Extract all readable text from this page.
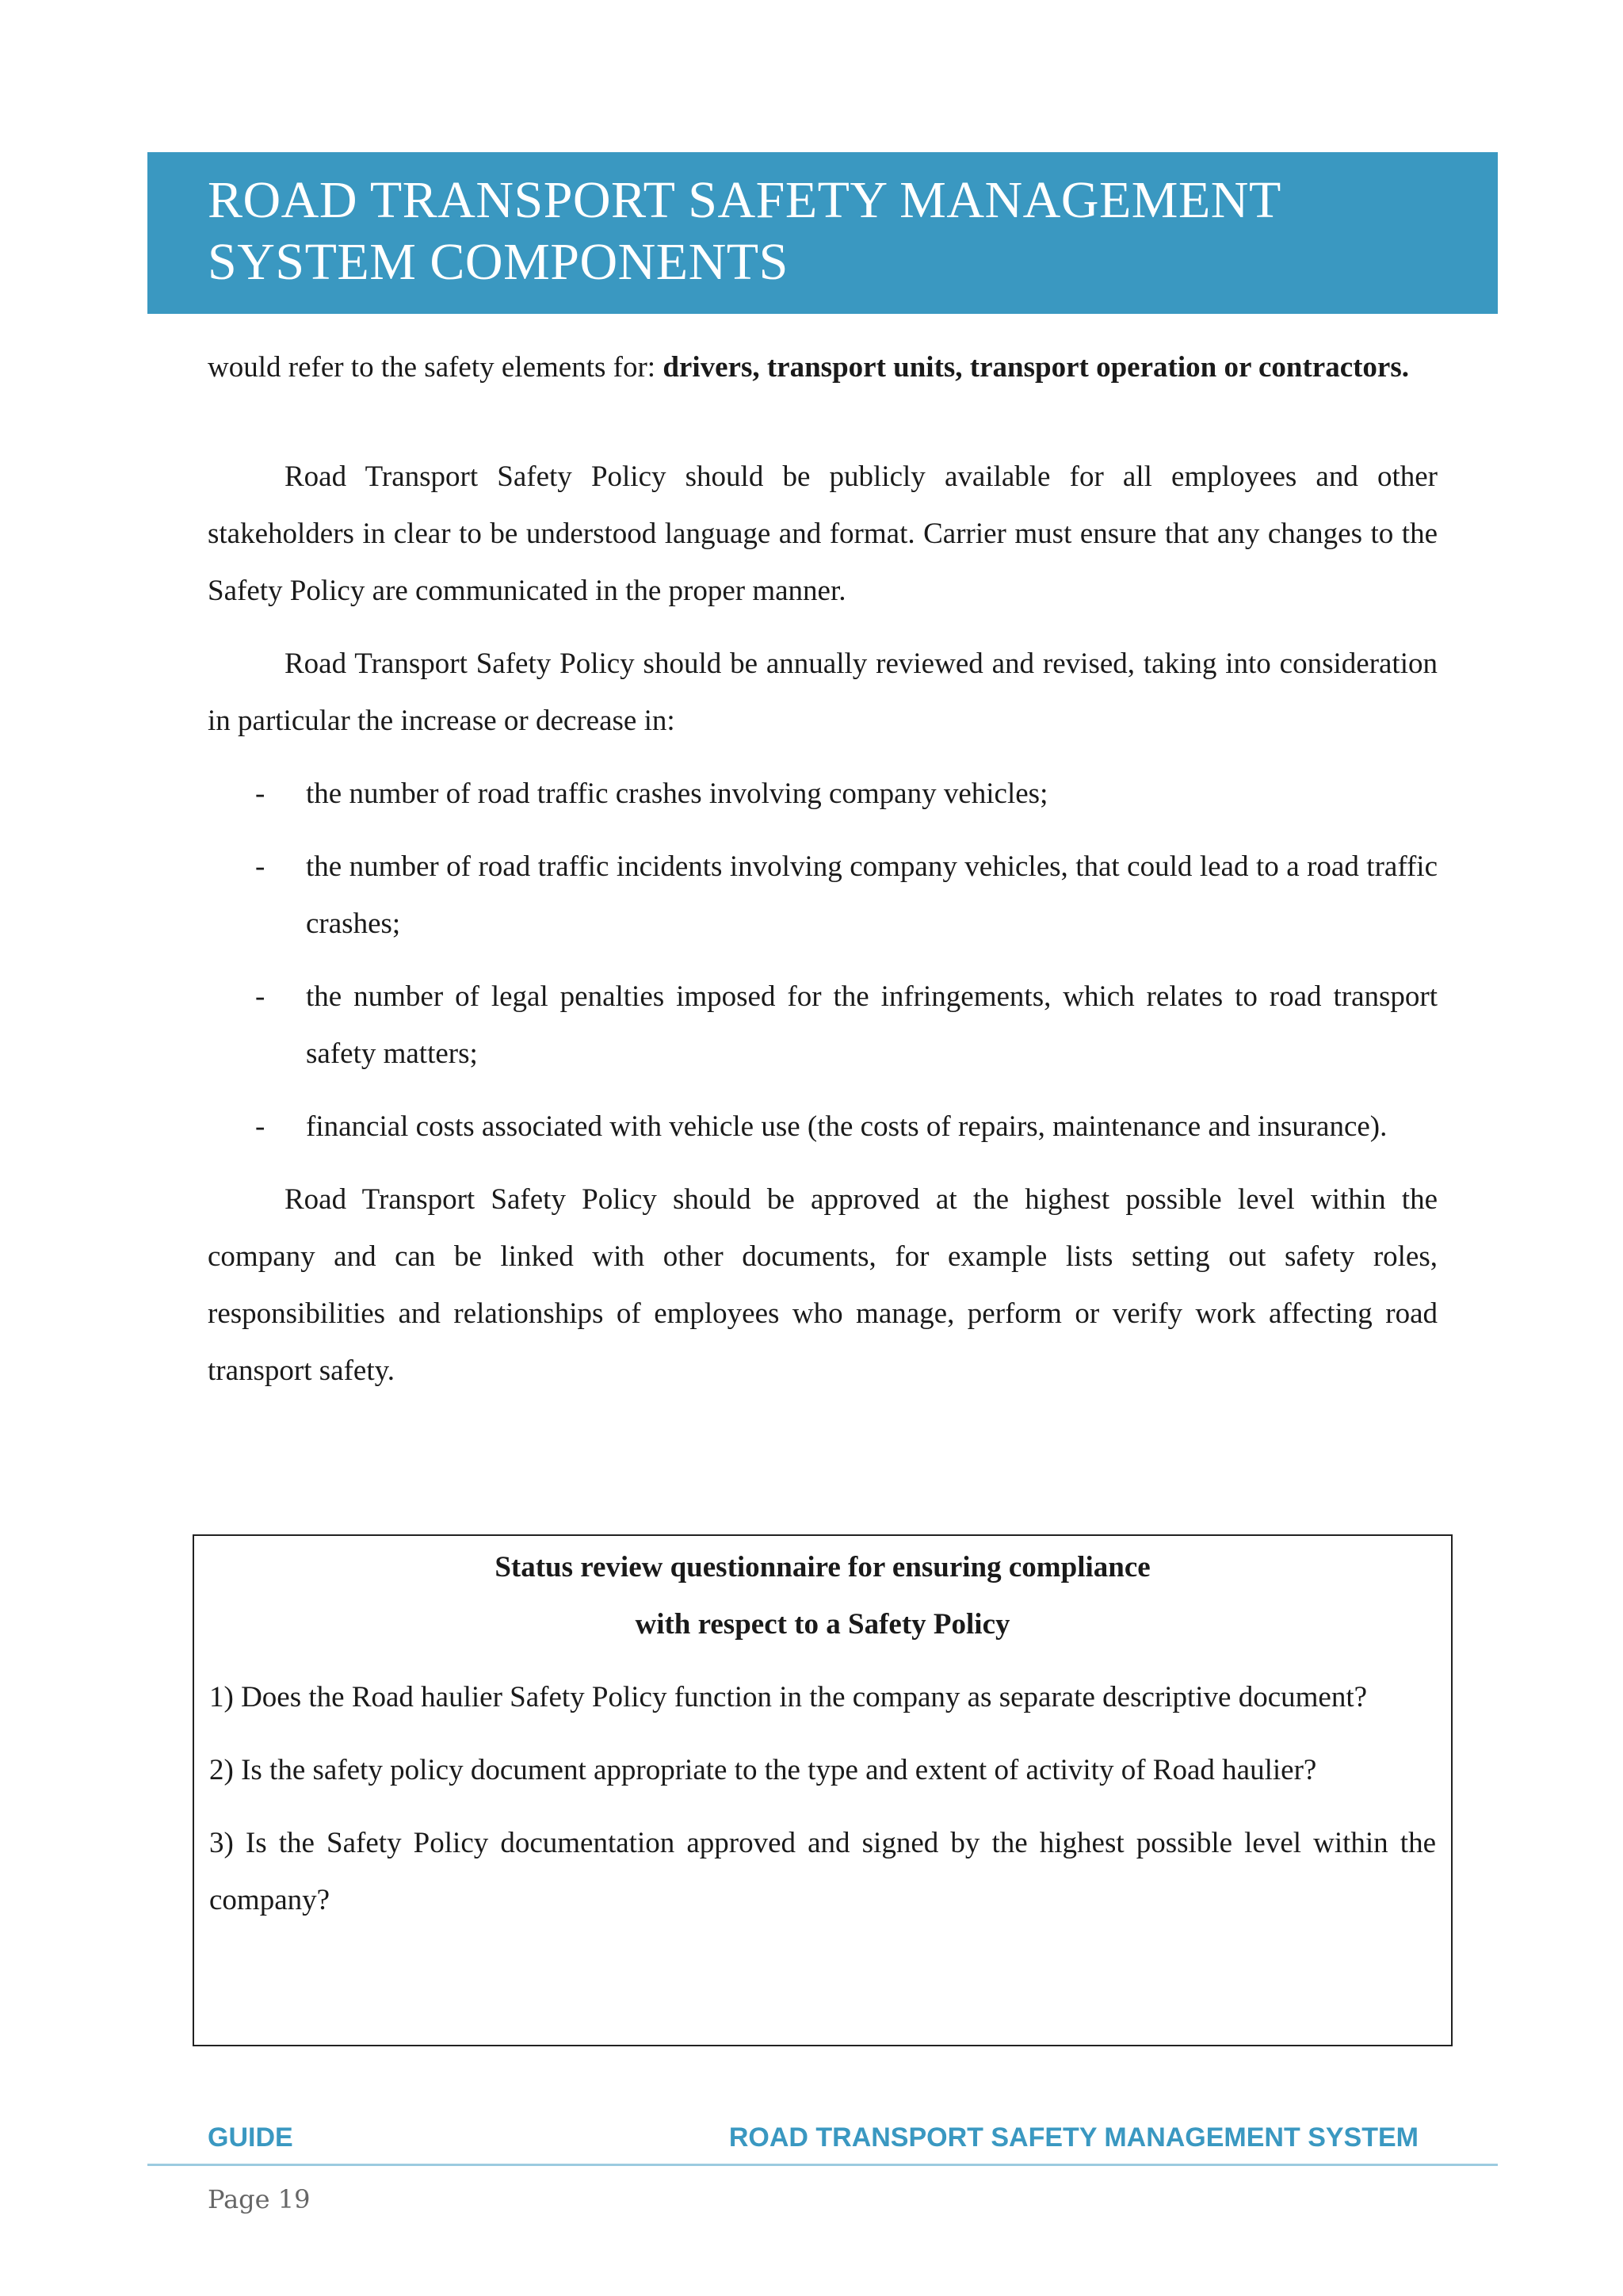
ROAD TRANSPORT SAFETY MANAGEMENT
SYSTEM COMPONENTS

would refer to the safety elements for: drivers, transport units, transport operation or contractors.

Road Transport Safety Policy should be publicly available for all employees and other stakeholders in clear to be understood language and format. Carrier must ensure that any changes to the Safety Policy are communicated in the proper manner.

Road Transport Safety Policy should be annually reviewed and revised, taking into consideration in particular the increase or decrease in:

- the number of road traffic crashes involving company vehicles;
- the number of road traffic incidents involving company vehicles, that could lead to a road traffic crashes;
- the number of legal penalties imposed for the infringements, which relates to road transport safety matters;
- financial costs associated with vehicle use (the costs of repairs, maintenance and insurance).

Road Transport Safety Policy should be approved at the highest possible level within the company and can be linked with other documents, for example lists setting out safety roles, responsibilities and relationships of employees who manage, perform or verify work affecting road transport safety.

Status review questionnaire for ensuring compliance
with respect to a Safety Policy

1) Does the Road haulier Safety Policy function in the company as separate descriptive document?

2) Is the safety policy document appropriate to the type and extent of activity of Road haulier?

3) Is the Safety Policy documentation approved and signed by the highest possible level within the company?

GUIDE	ROAD TRANSPORT SAFETY MANAGEMENT SYSTEM
Page 19
